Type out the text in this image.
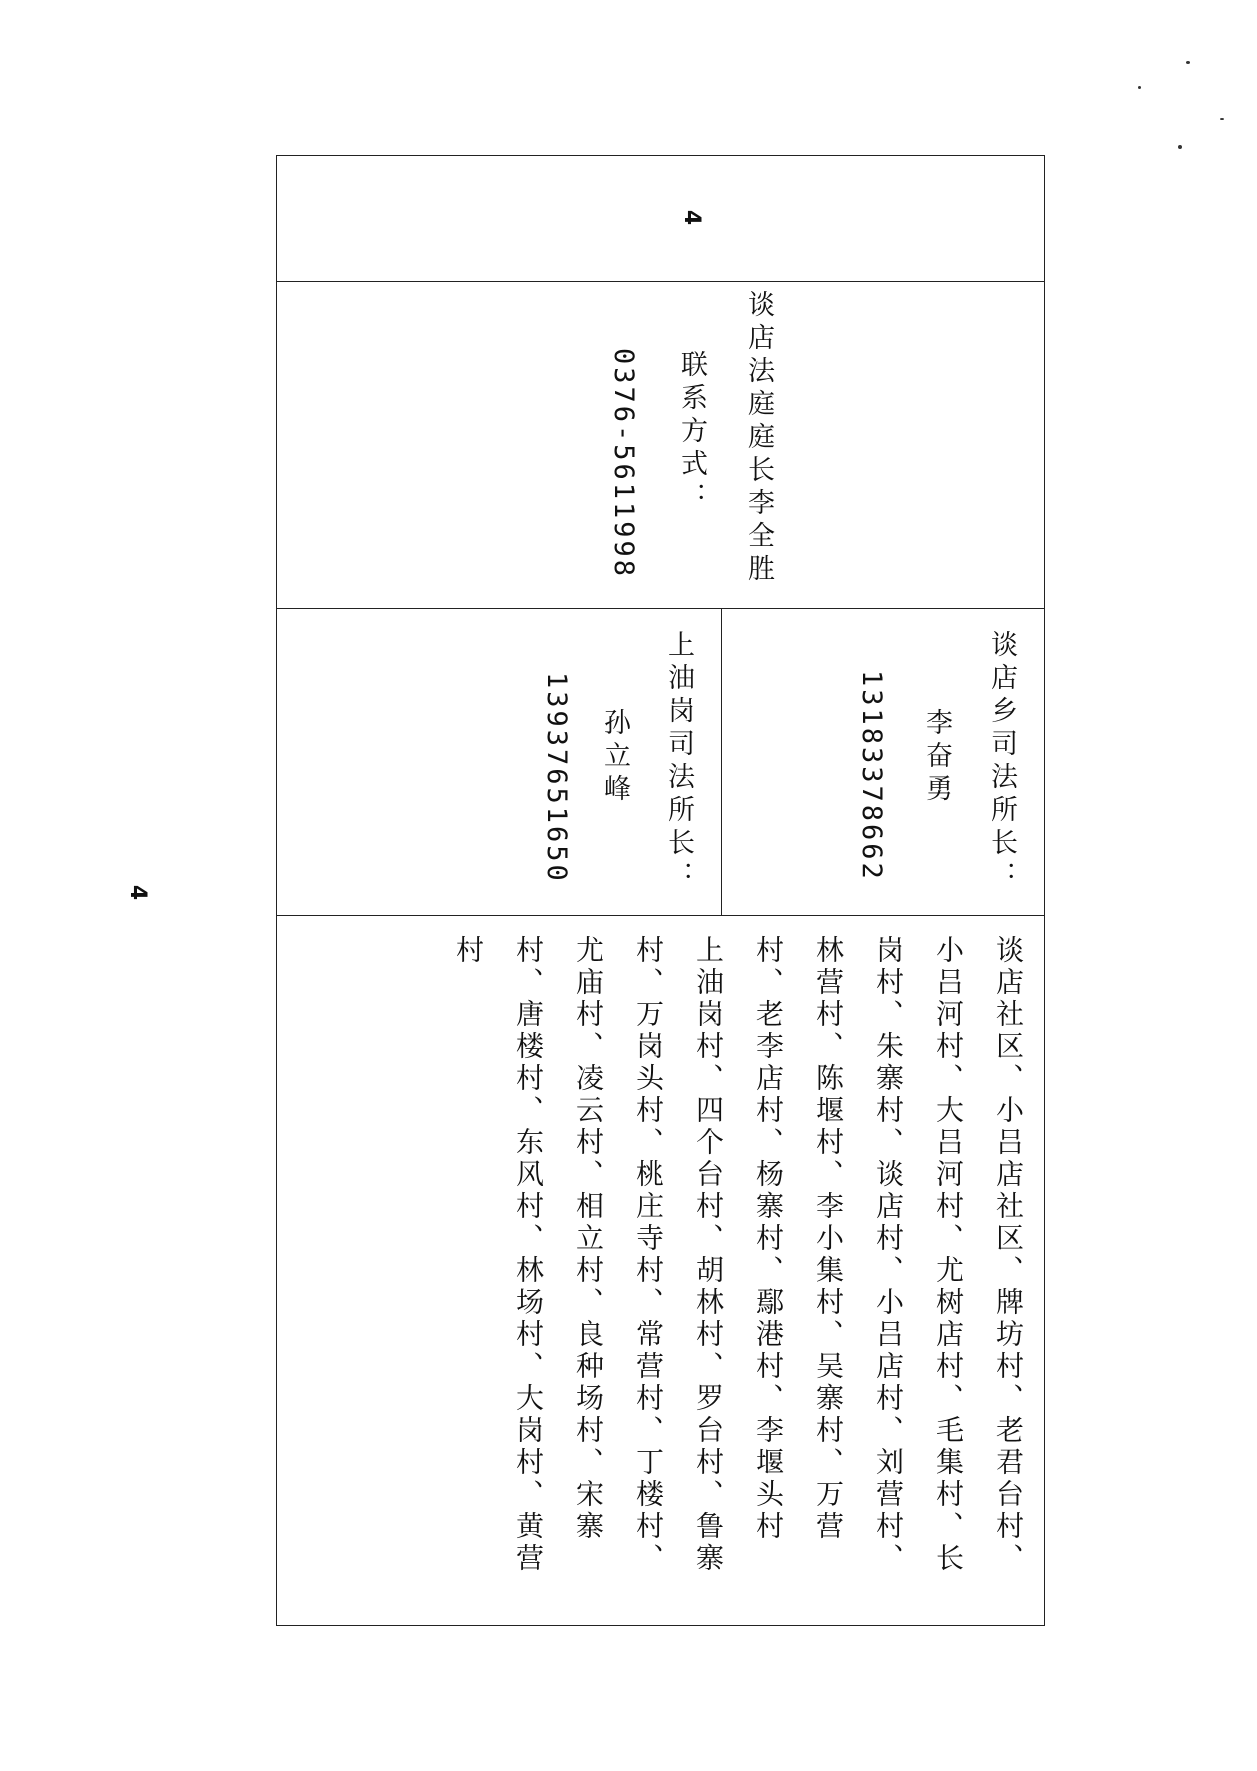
4
谈店法庭庭长李全胜
联系方式：
0376-5611998
谈店乡司法所长：
李奋勇
13183378662
上油岗司法所长：
孙立峰
13937651650
谈店社区、小吕店社区、牌坊村、老君台村、小吕河村、大吕河村、尤树店村、毛集村、长岗村、朱寨村、谈店村、小吕店村、刘营村、林营村、陈堰村、李小集村、吴寨村、万营村、老李店村、杨寨村、鄢港村、李堰头村
上油岗村、四个台村、胡林村、罗台村、鲁寨村、万岗头村、桃庄寺村、常营村、丁楼村、尤庙村、凌云村、相立村、良种场村、宋寨村、唐楼村、东风村、林场村、大岗村、黄营村
4
